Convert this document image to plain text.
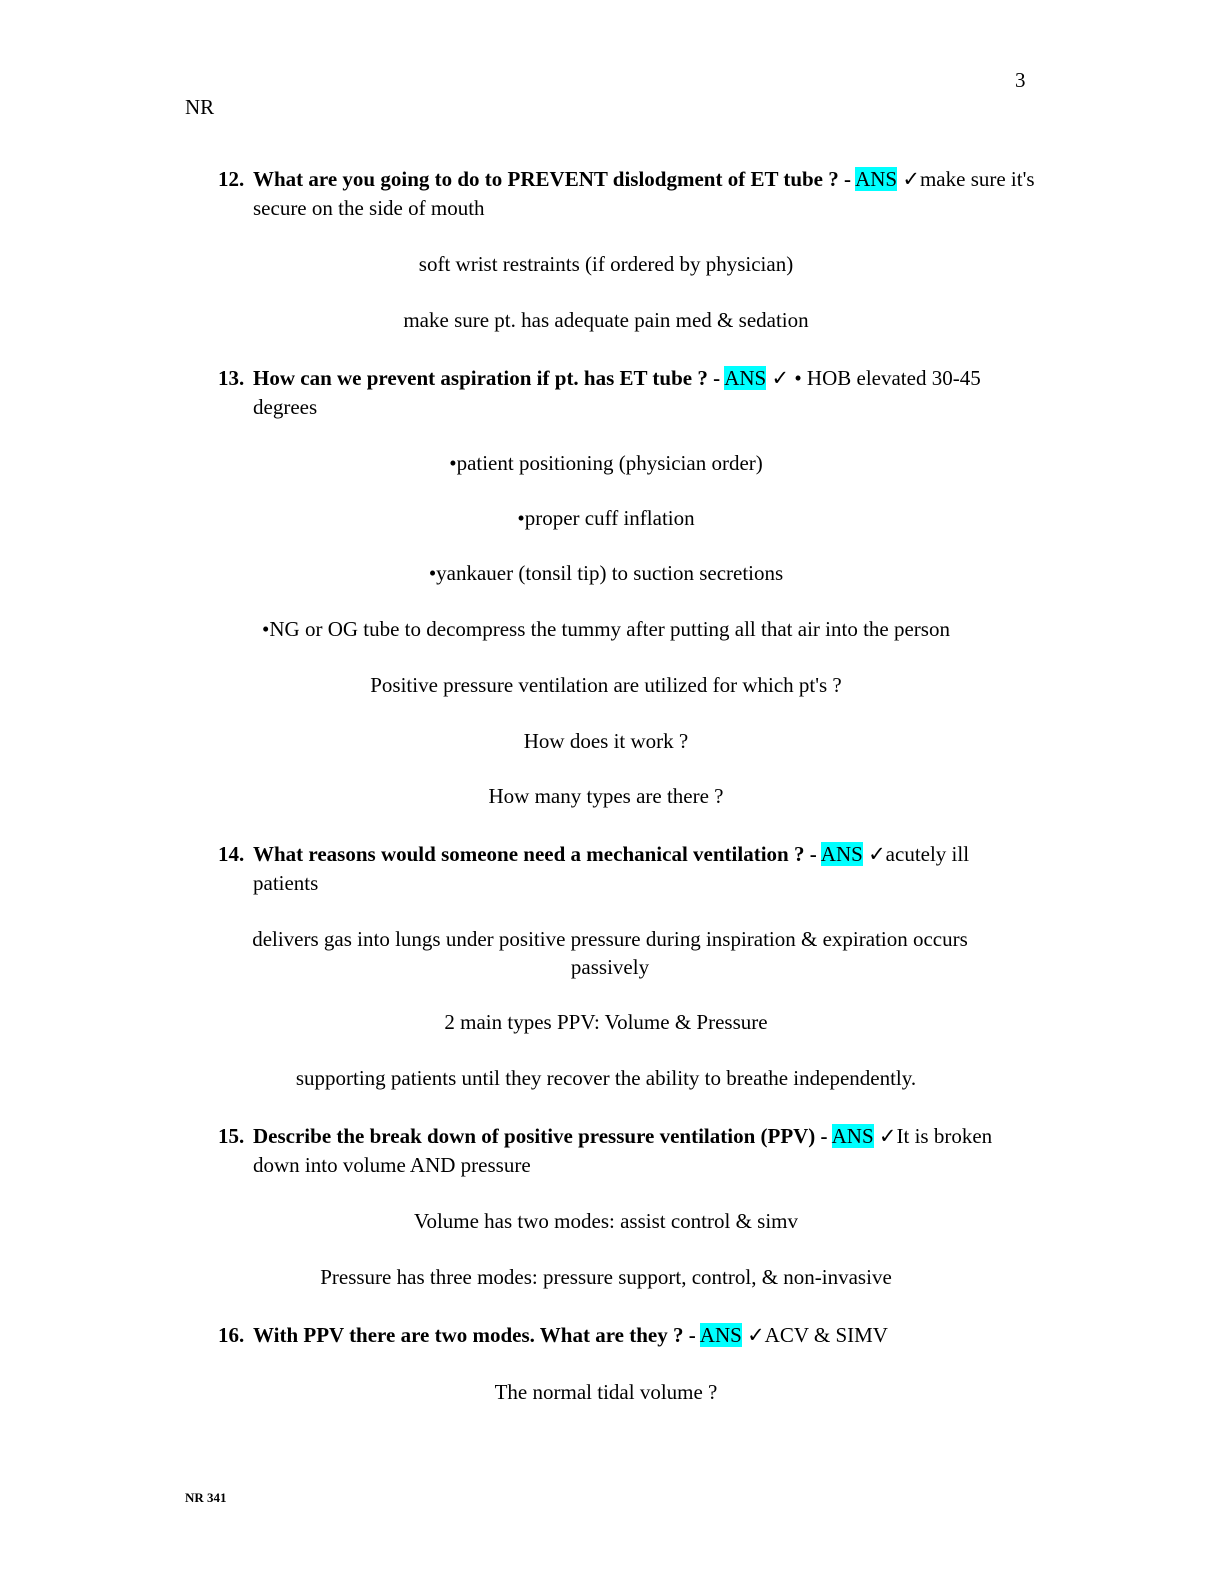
3
NR
12. What are you going to do to PREVENT dislodgment of ET tube ? - ANS ✓make sure it's secure on the side of mouth
soft wrist restraints (if ordered by physician)
make sure pt. has adequate pain med & sedation
13. How can we prevent aspiration if pt. has ET tube ? - ANS ✓ • HOB elevated 30-45 degrees
•patient positioning (physician order)
•proper cuff inflation
•yankauer (tonsil tip) to suction secretions
•NG or OG tube to decompress the tummy after putting all that air into the person
Positive pressure ventilation are utilized for which pt's ?
How does it work ?
How many types are there ?
14. What reasons would someone need a mechanical ventilation ? - ANS ✓acutely ill patients
delivers gas into lungs under positive pressure during inspiration & expiration occurs passively
2 main types PPV: Volume & Pressure
supporting patients until they recover the ability to breathe independently.
15. Describe the break down of positive pressure ventilation (PPV) - ANS ✓It is broken down into volume AND pressure
Volume has two modes: assist control & simv
Pressure has three modes: pressure support, control, & non-invasive
16. With PPV there are two modes. What are they ? - ANS ✓ACV & SIMV
The normal tidal volume ?
NR 341
